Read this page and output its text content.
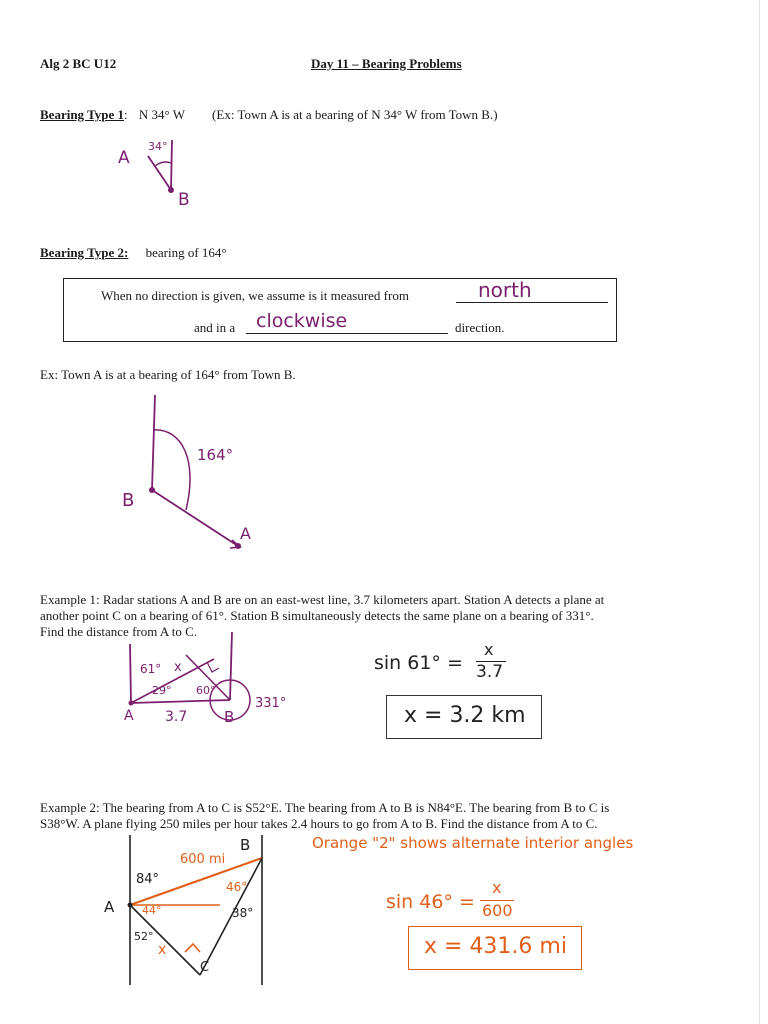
Alg 2 BC U12	Day 11 – Bearing Problems
Bearing Type 1: N 34° W (Ex: Town A is at a bearing of N 34° W from Town B.)
A
34°
B
Bearing Type 2: bearing of 164°
When no direction is given, we assume is it measured from	north
and in a clockwise	direction.
Ex: Town A is at a bearing of 164° from Town B.
164°
B
A
Example 1: Radar stations A and B are on an east-west line, 3.7 kilometers apart. Station A detects a plane at
another point C on a bearing of 61°. Station B simultaneously detects the same plane on a bearing of 331°.
Find the distance from A to C.
61° x
29° 60°
A 3.7 B
331°
sin 61° =
x
3.7
x = 3.2 km
Example 2: The bearing from A to C is S52°E. The bearing from A to B is N84°E. The bearing from B to C is
S38°W. A plane flying 250 miles per hour takes 2.4 hours to go from A to B. Find the distance from A to C.
Orange "2" shows alternate interior angles
A
B
C
84°
600 mi
46°
44°
52°
38°
x
sin 46° =
x
600
x = 431.6 mi
